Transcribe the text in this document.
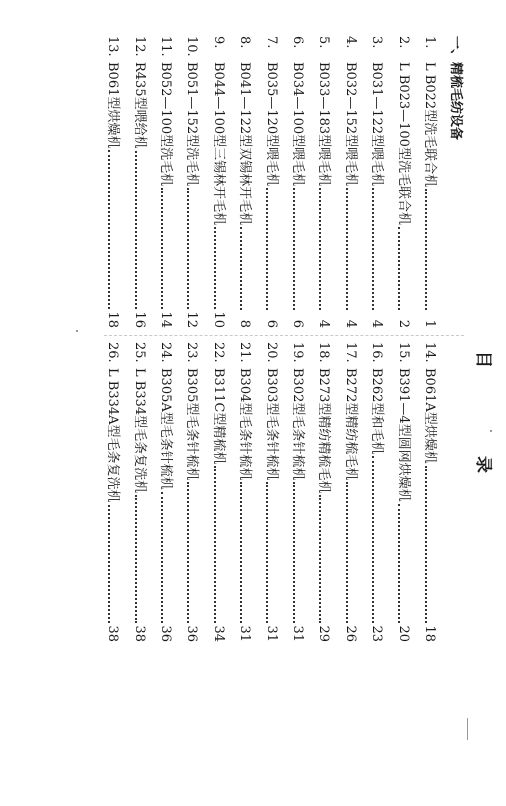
目录
一、精梳毛纺设备
1.
L B022型洗毛联合机
1
2.
L B023—100型洗毛联合机
2
3.
B031—122型喂毛机
4
4.
B032—152型喂毛机
4
5.
B033—183型喂毛机
4
6.
B034—100型喂毛机
6
7.
B035—120型喂毛机
6
8.
B041—122型双锡林开毛机
8
9.
B044—100型三锡林开毛机
10
10.
B051—152型洗毛机
12
11.
B052—100型洗毛机
14
12.
R435型喂给机
16
13.
B061型烘燥机
18
14.
B061A型烘燥机
18
15.
B391—4型圆网烘燥机
20
16.
B262型和毛机
23
17.
B272型精纺梳毛机
26
18.
B273型精纺精梳毛机
29
19.
B302型毛条针梳机
31
20.
B303型毛条针梳机
31
21.
B304型毛条针梳机
31
22.
B311C型精梳机
34
23.
B305型毛条针梳机
36
24.
B305A型毛条针梳机
36
25.
L B334型毛条复洗机
38
26.
L B334A型毛条复洗机
38
